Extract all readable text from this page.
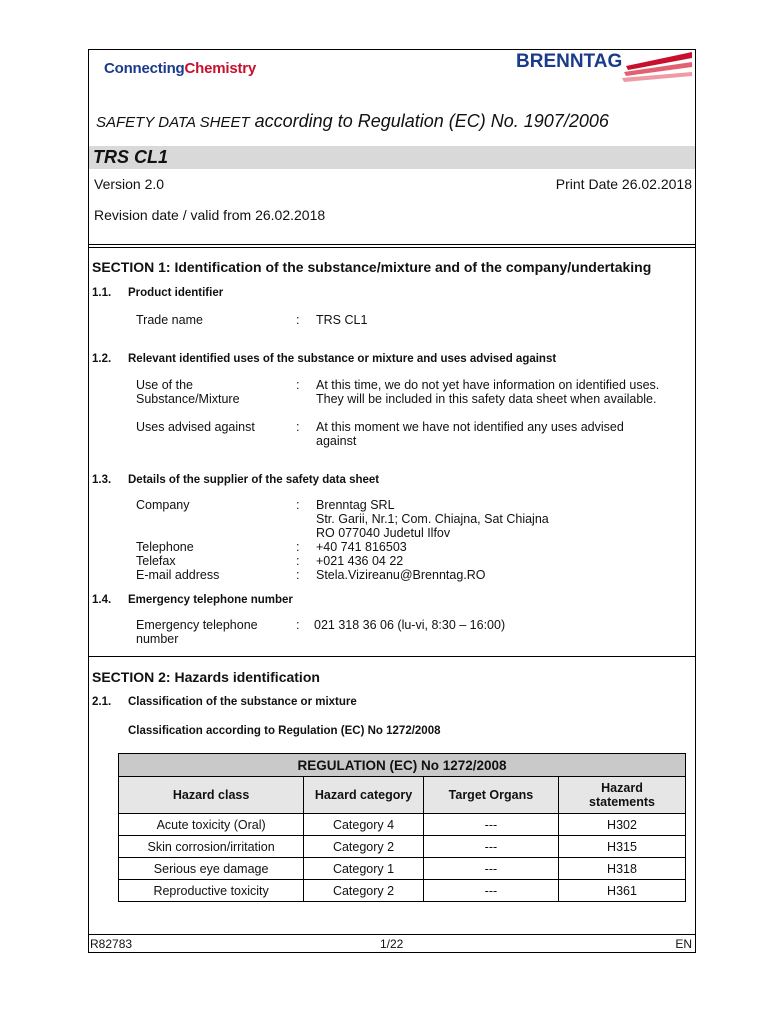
ConnectingChemistry	BRENNTAG
SAFETY DATA SHEET according to Regulation (EC) No. 1907/2006
TRS CL1
Version 2.0	Print Date 26.02.2018
Revision date / valid from 26.02.2018
SECTION 1: Identification of the substance/mixture and of the company/undertaking
1.1. Product identifier
Trade name	: TRS CL1
1.2. Relevant identified uses of the substance or mixture and uses advised against
Use of the
Substance/Mixture
: At this time, we do not yet have information on identified uses.
They will be included in this safety data sheet when available.
Uses advised against	: At this moment we have not identified any uses advised
against
1.3. Details of the supplier of the safety data sheet
Company	: Brenntag SRL
Str. Garii, Nr.1; Com. Chiajna, Sat Chiajna
RO 077040 Judetul Ilfov
Telephone	: +40 741 816503
Telefax	: +021 436 04 22
E-mail address	: Stela.Vizireanu@Brenntag.RO
1.4. Emergency telephone number
Emergency telephone
number
: 021 318 36 06 (lu-vi, 8:30 – 16:00)
SECTION 2: Hazards identification
2.1. Classification of the substance or mixture
Classification according to Regulation (EC) No 1272/2008
REGULATION (EC) No 1272/2008			
Hazard class	Hazard category	Target Organs	Hazard statements
Acute toxicity (Oral)	Category 4	---	H302
Skin corrosion/irritation	Category 2	---	H315
Serious eye damage	Category 1	---	H318
Reproductive toxicity	Category 2	---	H361
R82783	1/22	EN
